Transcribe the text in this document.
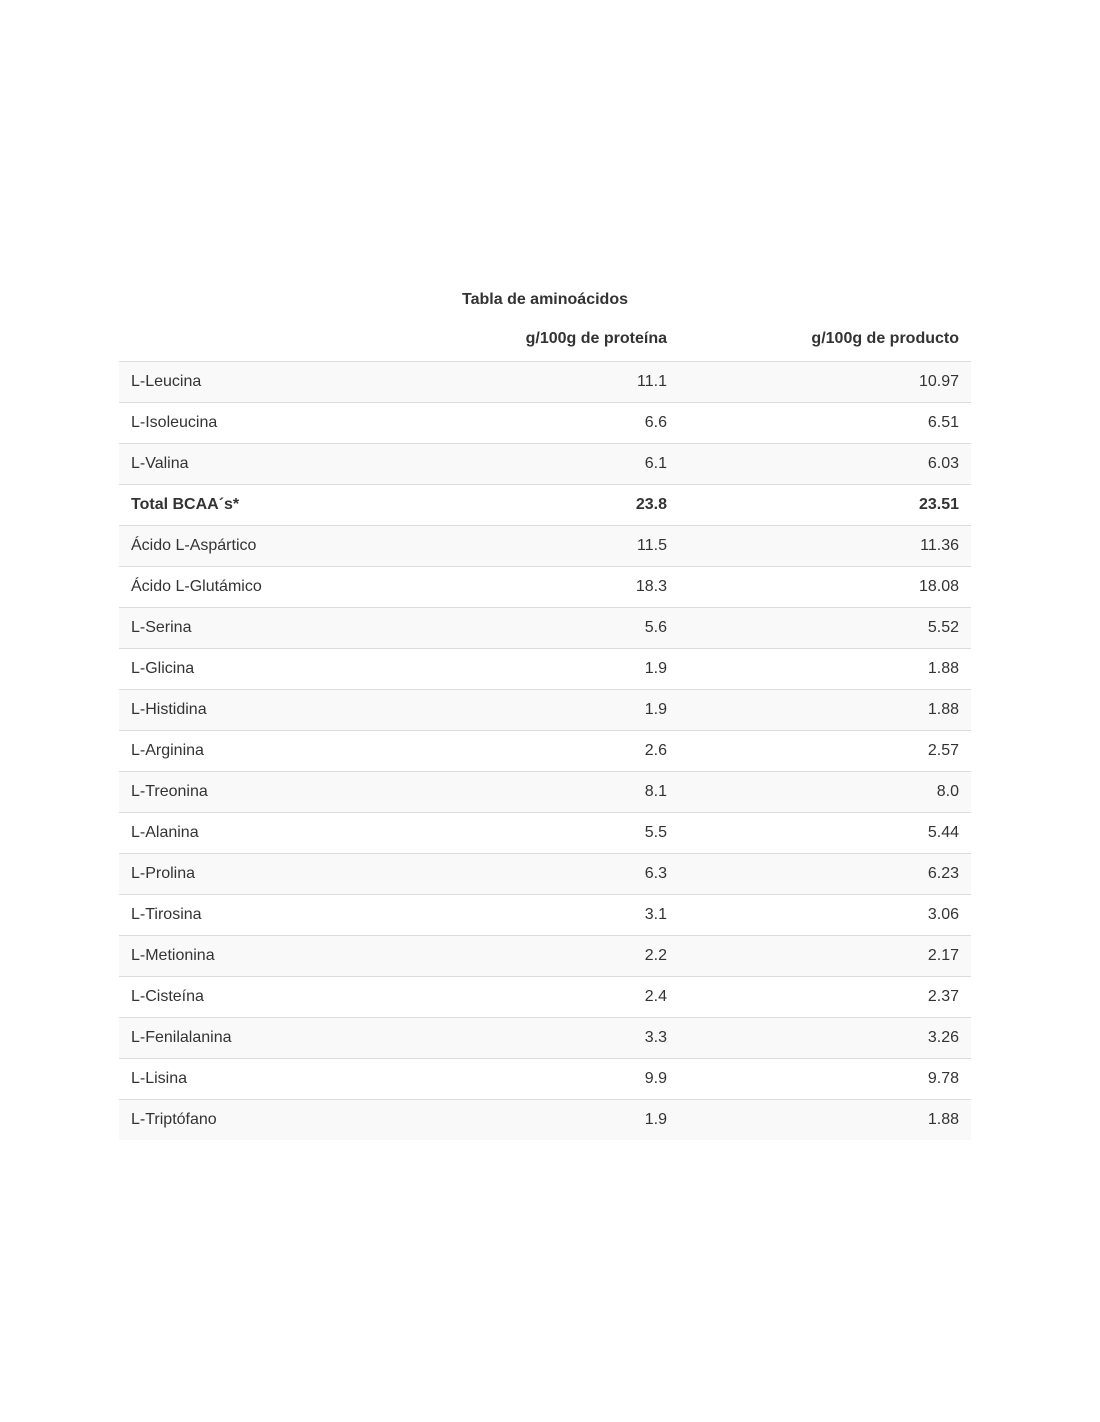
Tabla de aminoácidos
	g/100g de proteína	g/100g de producto
L-Leucina	11.1	10.97
L-Isoleucina	6.6	6.51
L-Valina	6.1	6.03
Total BCAA´s*	23.8	23.51
Ácido L-Aspártico	11.5	11.36
Ácido L-Glutámico	18.3	18.08
L-Serina	5.6	5.52
L-Glicina	1.9	1.88
L-Histidina	1.9	1.88
L-Arginina	2.6	2.57
L-Treonina	8.1	8.0
L-Alanina	5.5	5.44
L-Prolina	6.3	6.23
L-Tirosina	3.1	3.06
L-Metionina	2.2	2.17
L-Cisteína	2.4	2.37
L-Fenilalanina	3.3	3.26
L-Lisina	9.9	9.78
L-Triptófano	1.9	1.88
